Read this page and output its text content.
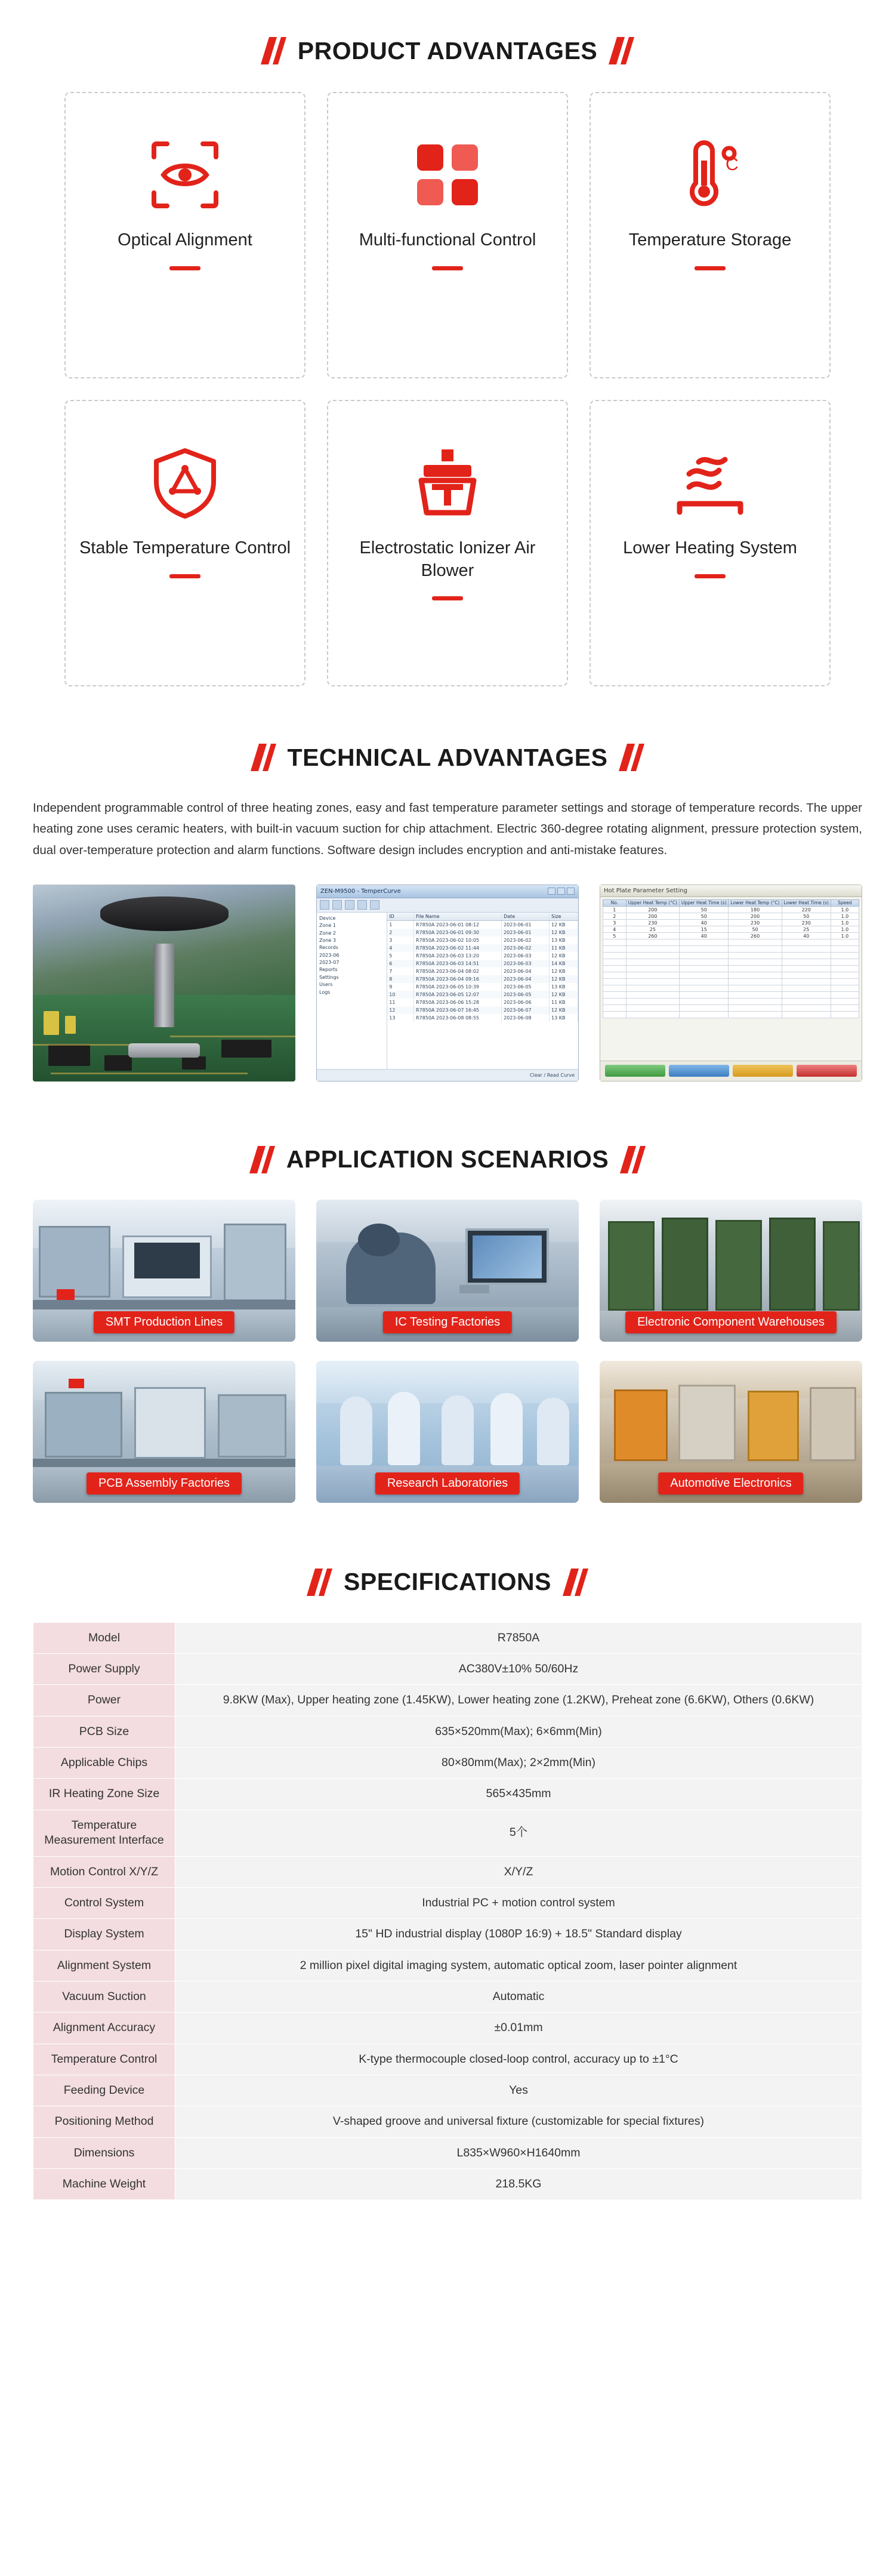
PRODUCT ADVANTAGES
Optical Alignment	Multi-functional Control
C
Temperature Storage
Stable Temperature Control	Electrostatic Ionizer Air Blower
Lower Heating System
TECHNICAL ADVANTAGES

Independent programmable control of three heating zones, easy and fast temperature parameter settings and storage of temperature records. The upper heating zone uses ceramic heaters, with built-in vacuum suction for chip attachment. Electric 360-degree rotating alignment, pressure protection system, dual over-temperature protection and alarm functions. Software design includes encryption and anti-mistake features.

ZEN-M9500 - TemperCurve
Device
Zone 1
Zone 2
Zone 3
Records
2023-06
2023-07
Reports
Settings
Users
Logs
ID	File Name	Date	Size
1	R7850A 2023-06-01 08:12	2023-06-01	12 KB
2	R7850A 2023-06-01 09:30	2023-06-01	12 KB
3	R7850A 2023-06-02 10:05	2023-06-02	13 KB
4	R7850A 2023-06-02 11:44	2023-06-02	11 KB
5	R7850A 2023-06-03 13:20	2023-06-03	12 KB
6	R7850A 2023-06-03 14:51	2023-06-03	14 KB
7	R7850A 2023-06-04 08:02	2023-06-04	12 KB
8	R7850A 2023-06-04 09:16	2023-06-04	12 KB
9	R7850A 2023-06-05 10:39	2023-06-05	13 KB
10	R7850A 2023-06-05 12:07	2023-06-05	12 KB
11	R7850A 2023-06-06 15:28	2023-06-06	11 KB
12	R7850A 2023-06-07 16:45	2023-06-07	12 KB
13	R7850A 2023-06-08 08:55	2023-06-08	13 KB
Clear / Read Curve
Hot Plate Parameter Setting
No.	Upper Heat Temp (°C)	Upper Heat Time (s)	Lower Heat Temp (°C)	Lower Heat Time (s)	Speed
1	200	50	180	220	1.0
2	200	50	200	50	1.0
3	230	40	230	230	1.0
4	25	15	50	25	1.0
5	260	40	260	40	1.0

APPLICATION SCENARIOS
SMT Production Lines	IC Testing Factories	Electronic Component Warehouses
PCB Assembly Factories	Research Laboratories	Automotive Electronics
SPECIFICATIONS
Model	R7850A
Power Supply	AC380V±10% 50/60Hz
Power	9.8KW (Max), Upper heating zone (1.45KW), Lower heating zone (1.2KW), Preheat zone (6.6KW), Others (0.6KW)
PCB Size	635×520mm(Max); 6×6mm(Min)
Applicable Chips	80×80mm(Max); 2×2mm(Min)
IR Heating Zone Size	565×435mm
Temperature Measurement Interface	5个
Motion Control X/Y/Z	X/Y/Z
Control System	Industrial PC + motion control system
Display System	15" HD industrial display (1080P 16:9) + 18.5" Standard display
Alignment System	2 million pixel digital imaging system, automatic optical zoom, laser pointer alignment
Vacuum Suction	Automatic
Alignment Accuracy	±0.01mm
Temperature Control	K-type thermocouple closed-loop control, accuracy up to ±1°C
Feeding Device	Yes
Positioning Method	V-shaped groove and universal fixture (customizable for special fixtures)
Dimensions	L835×W960×H1640mm
Machine Weight	218.5KG
